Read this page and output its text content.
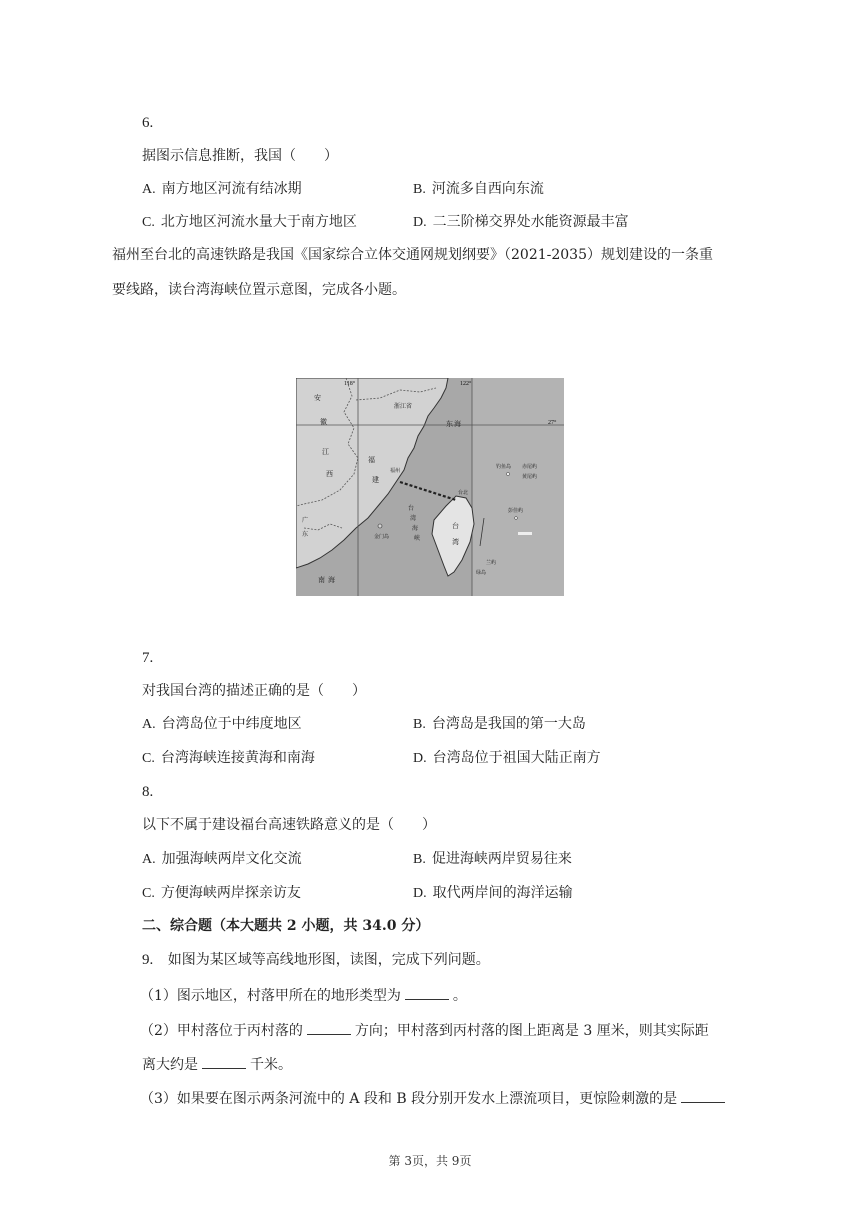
6.
据图示信息推断，我国（　　）
A. 南方地区河流有结冰期	B. 河流多自西向东流
C. 北方地区河流水量大于南方地区	D. 二三阶梯交界处水能资源最丰富
福州至台北的高速铁路是我国《国家综合立体交通网规划纲要》（2021-2035）规划建设的一条重
要线路，读台湾海峡位置示意图，完成各小题。
118°	122°
27°
安
徽
浙江省
江
西
福
建
东 海
广
东
福州
台北
金门岛
台
湾
钓鱼岛 赤尾屿
黄尾屿
彭佳屿
兰屿
绿岛
南 海
台
湾
海
峡
7.
对我国台湾的描述正确的是（　　）
A. 台湾岛位于中纬度地区	B. 台湾岛是我国的第一大岛
C. 台湾海峡连接黄海和南海	D. 台湾岛位于祖国大陆正南方
8.
以下不属于建设福台高速铁路意义的是（　　）
A. 加强海峡两岸文化交流	B. 促进海峡两岸贸易往来
C. 方便海峡两岸探亲访友	D. 取代两岸间的海洋运输
二、综合题（本大题共 2 小题，共 34.0 分）
9. 如图为某区域等高线地形图，读图，完成下列问题。
（1）图示地区，村落甲所在的地形类型为	。
（2）甲村落位于丙村落的	方向；甲村落到丙村落的图上距离是 3 厘米，则其实际距
离大约是	千米。
（3）如果要在图示两条河流中的 A 段和 B 段分别开发水上漂流项目，更惊险刺激的是
第 3页，共 9页
